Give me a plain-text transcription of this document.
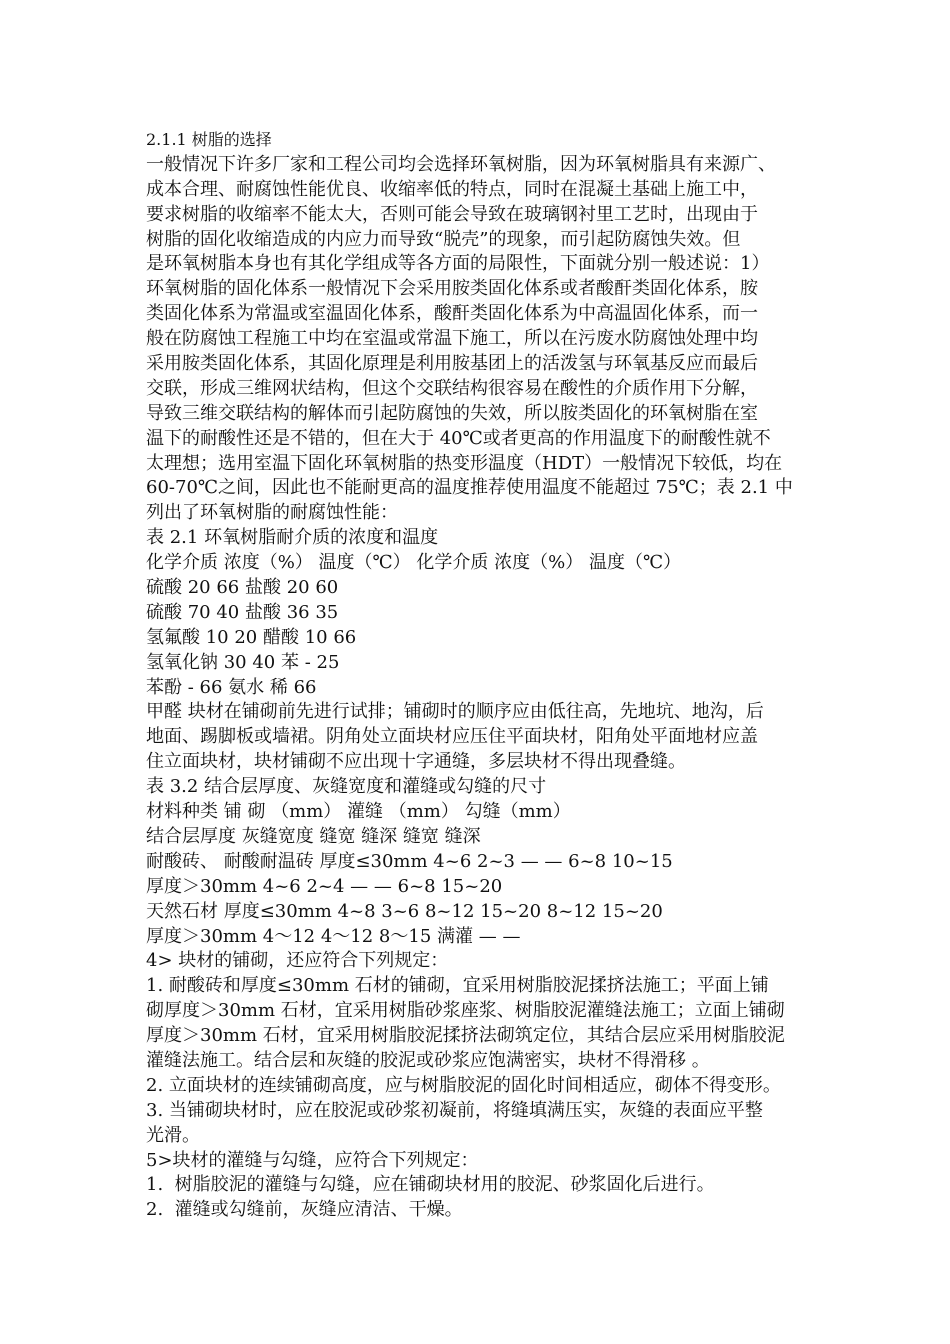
2.1.1 树脂的选择
一般情况下许多厂家和工程公司均会选择环氧树脂，因为环氧树脂具有来源广、
成本合理、耐腐蚀性能优良、收缩率低的特点，同时在混凝土基础上施工中，
要求树脂的收缩率不能太大，否则可能会导致在玻璃钢衬里工艺时，出现由于
树脂的固化收缩造成的内应力而导致“脱壳”的现象，而引起防腐蚀失效。但
是环氧树脂本身也有其化学组成等各方面的局限性，下面就分别一般述说：1）
环氧树脂的固化体系一般情况下会采用胺类固化体系或者酸酐类固化体系，胺
类固化体系为常温或室温固化体系，酸酐类固化体系为中高温固化体系，而一
般在防腐蚀工程施工中均在室温或常温下施工，所以在污废水防腐蚀处理中均
采用胺类固化体系，其固化原理是利用胺基团上的活泼氢与环氧基反应而最后
交联，形成三维网状结构，但这个交联结构很容易在酸性的介质作用下分解，
导致三维交联结构的解体而引起防腐蚀的失效，所以胺类固化的环氧树脂在室
温下的耐酸性还是不错的，但在大于 40℃或者更高的作用温度下的耐酸性就不
太理想；选用室温下固化环氧树脂的热变形温度（HDT）一般情况下较低，均在
60-70℃之间，因此也不能耐更高的温度推荐使用温度不能超过 75℃；表 2.1 中
列出了环氧树脂的耐腐蚀性能：
表 2.1 环氧树脂耐介质的浓度和温度
化学介质 浓度（%） 温度（℃） 化学介质 浓度（%） 温度（℃）
硫酸 20 66 盐酸 20 60
硫酸 70 40 盐酸 36 35
氢氟酸 10 20 醋酸 10 66
氢氧化钠 30 40 苯 - 25
苯酚 - 66 氨水 稀 66
甲醛 块材在铺砌前先进行试排；铺砌时的顺序应由低往高，先地坑、地沟，后
地面、踢脚板或墙裙。阴角处立面块材应压住平面块材，阳角处平面地材应盖
住立面块材，块材铺砌不应出现十字通缝，多层块材不得出现叠缝。
表 3.2 结合层厚度、灰缝宽度和灌缝或勾缝的尺寸
材料种类 铺 砌 （mm） 灌缝 （mm） 勾缝（mm）
结合层厚度 灰缝宽度 缝宽 缝深 缝宽 缝深
耐酸砖、 耐酸耐温砖 厚度≤30mm 4~6 2~3 — — 6~8 10~15
厚度＞30mm 4~6 2~4 — — 6~8 15~20
天然石材 厚度≤30mm 4~8 3~6 8~12 15~20 8~12 15~20
厚度＞30mm 4～12 4～12 8～15 满灌 — —
4> 块材的铺砌，还应符合下列规定：
1. 耐酸砖和厚度≤30mm 石材的铺砌，宜采用树脂胶泥揉挤法施工；平面上铺
砌厚度＞30mm 石材，宜采用树脂砂浆座浆、树脂胶泥灌缝法施工；立面上铺砌
厚度＞30mm 石材，宜采用树脂胶泥揉挤法砌筑定位，其结合层应采用树脂胶泥
灌缝法施工。结合层和灰缝的胶泥或砂浆应饱满密实，块材不得滑移 。
2. 立面块材的连续铺砌高度，应与树脂胶泥的固化时间相适应，砌体不得变形。
3. 当铺砌块材时，应在胶泥或砂浆初凝前，将缝填满压实，灰缝的表面应平整
光滑。
5>块材的灌缝与勾缝，应符合下列规定：
1.  树脂胶泥的灌缝与勾缝，应在铺砌块材用的胶泥、砂浆固化后进行。
2.  灌缝或勾缝前，灰缝应清洁、干燥。
